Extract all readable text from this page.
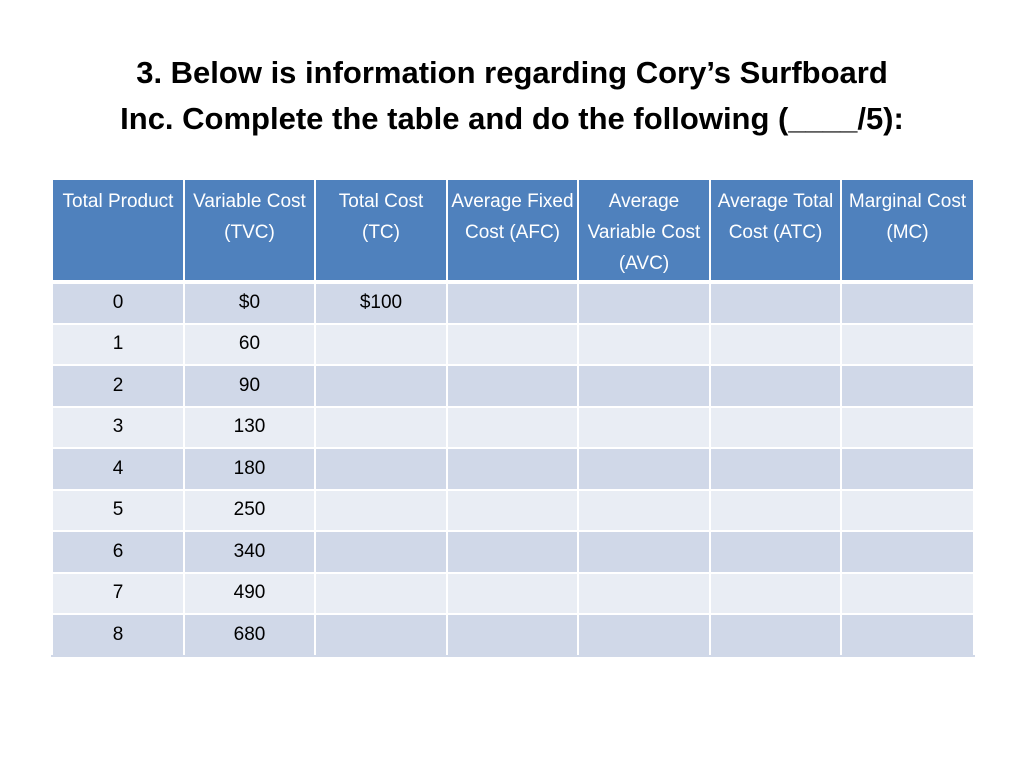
3. Below is information regarding Cory’s Surfboard
Inc. Complete the table and do the following (____/5):
Total Product	Variable Cost (TVC)	Total Cost (TC)	Average Fixed Cost (AFC)	Average Variable Cost (AVC)	Average Total Cost (ATC)	Marginal Cost (MC)
0	$0	$100				
1	60					
2	90					
3	130					
4	180					
5	250					
6	340					
7	490					
8	680					
